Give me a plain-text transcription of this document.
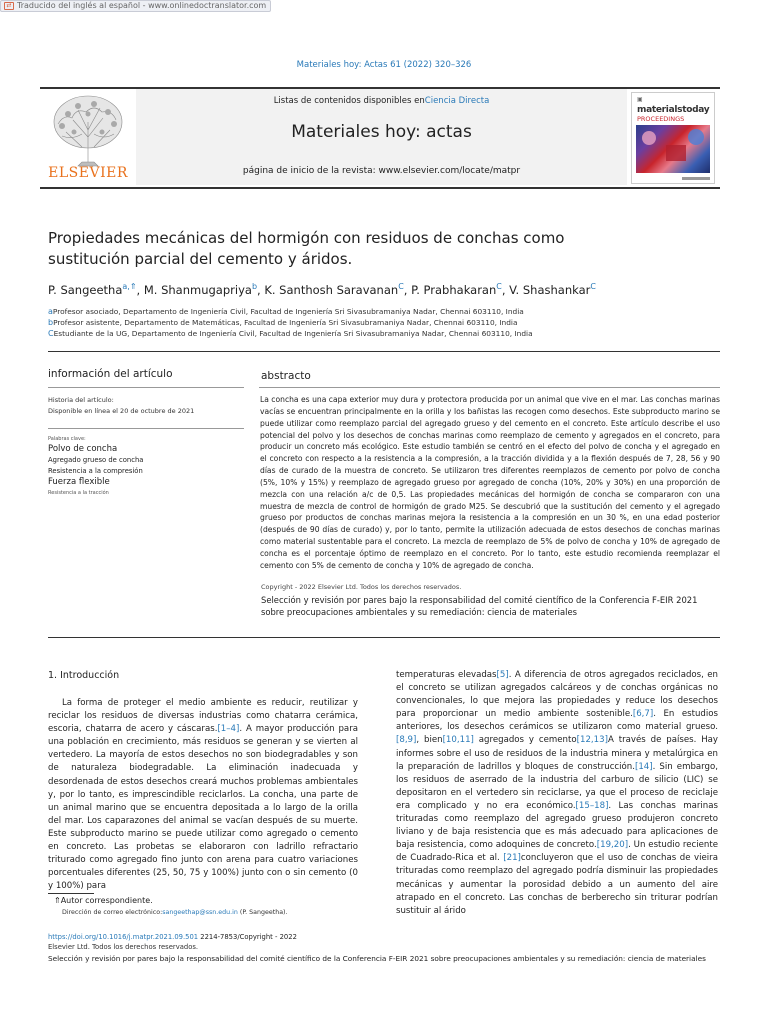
⇄ Traducido del inglés al español - www.onlinedoctranslator.com
Materiales hoy: Actas 61 (2022) 320–326
ELSEVIER
Listas de contenidos disponibles enCiencia Directa
Materiales hoy: actas
página de inicio de la revista: www.elsevier.com/locate/matpr
▣
materialstoday
PROCEEDINGS
Propiedades mecánicas del hormigón con residuos de conchas como sustitución parcial del cemento y áridos.
P. Sangeetha$^{a,⇑}$, M. Shanmugapriya$^b$, K. Santhosh Saravanan$^C$, P. Prabhakaran$^C$, V. Shashankar$^C$
aProfesor asociado, Departamento de Ingeniería Civil, Facultad de Ingeniería Sri Sivasubramaniya Nadar, Chennai 603110, India
bProfesor asistente, Departamento de Matemáticas, Facultad de Ingeniería Sri Sivasubramaniya Nadar, Chennai 603110, India
CEstudiante de la UG, Departamento de Ingeniería Civil, Facultad de Ingeniería Sri Sivasubramaniya Nadar, Chennai 603110, India
información del artículo
Historia del artículo:
Disponible en línea el 20 de octubre de 2021
Palabras clave:
Polvo de concha
Agregado grueso de concha
Resistencia a la compresión
Fuerza flexible
Resistencia a la tracción
abstracto
La concha es una capa exterior muy dura y protectora producida por un animal que vive en el mar. Las conchas marinas vacías se encuentran principalmente en la orilla y los bañistas las recogen como desechos. Este subproducto marino se puede utilizar como reemplazo parcial del agregado grueso y del cemento en el concreto. Este artículo describe el uso potencial del polvo y los desechos de conchas marinas como reemplazo de cemento y agregados en el concreto, para producir un concreto más ecológico. Este estudio también se centró en el efecto del polvo de concha y el agregado en el concreto con respecto a la resistencia a la compresión, a la tracción dividida y a la flexión después de 7, 28, 56 y 90 días de curado de la muestra de concreto. Se utilizaron tres diferentes reemplazos de cemento por polvo de concha (5%, 10% y 15%) y reemplazo de agregado grueso por agregado de concha (10%, 20% y 30%) en una proporción de mezcla con una relación a/c de 0,5. Las propiedades mecánicas del hormigón de concha se compararon con una muestra de mezcla de control de hormigón de grado M25. Se descubrió que la sustitución del cemento y el agregado grueso por productos de conchas marinas mejora la resistencia a la compresión en un 30 %, en una edad posterior (después de 90 días de curado) y, por lo tanto, permite la utilización adecuada de estos desechos de conchas marinas como material sustentable para el concreto. La mezcla de reemplazo de 5% de polvo de concha y 10% de agregado de concha es el porcentaje óptimo de reemplazo en el concreto. Por lo tanto, este estudio recomienda reemplazar el cemento con 5% de cemento de concha y 10% de agregado de concha.
Copyright - 2022 Elsevier Ltd. Todos los derechos reservados.
Selección y revisión por pares bajo la responsabilidad del comité científico de la Conferencia F-EIR 2021 sobre preocupaciones ambientales y su remediación: ciencia de materiales
1. Introducción
La forma de proteger el medio ambiente es reducir, reutilizar y reciclar los residuos de diversas industrias como chatarra cerámica, escoria, chatarra de acero y cáscaras.[1–4]. A mayor producción para una población en crecimiento, más residuos se generan y se vierten al vertedero. La mayoría de estos desechos no son biodegradables y son de naturaleza biodegradable. La eliminación inadecuada y desordenada de estos desechos creará muchos problemas ambientales y, por lo tanto, es imprescindible reciclarlos. La concha, una parte de un animal marino que se encuentra depositada a lo largo de la orilla del mar. Los caparazones del animal se vacían después de su muerte. Este subproducto marino se puede utilizar como agregado o cemento en concreto. Las probetas se elaboraron con ladrillo refractario triturado como agregado fino junto con arena para cuatro variaciones porcentuales diferentes (25, 50, 75 y 100%) junto con o sin cemento (0 y 100%) para
temperaturas elevadas[5]. A diferencia de otros agregados reciclados, en el concreto se utilizan agregados calcáreos y de conchas orgánicas no convencionales, lo que mejora las propiedades y reduce los desechos para proporcionar un medio ambiente sostenible.[6,7]. En estudios anteriores, los desechos cerámicos se utilizaron como material grueso.[8,9], bien[10,11] agregados y cemento[12,13]A través de países. Hay informes sobre el uso de residuos de la industria minera y metalúrgica en la preparación de ladrillos y bloques de construcción.[14]. Sin embargo, los residuos de aserrado de la industria del carburo de silicio (LIC) se depositaron en el vertedero sin reciclarse, ya que el proceso de reciclaje era complicado y no era económico.[15–18]. Las conchas marinas trituradas como reemplazo del agregado grueso produjeron concreto liviano y de baja resistencia que es más adecuado para aplicaciones de baja resistencia, como adoquines de concreto.[19,20]. Un estudio reciente de Cuadrado-Rica et al. [21]concluyeron que el uso de conchas de vieira trituradas como reemplazo del agregado podría disminuir las propiedades mecánicas y aumentar la porosidad debido a un aumento del aire atrapado en el concreto. Las conchas de berberecho sin triturar podrían sustituir al árido
⇑Autor correspondiente.
Dirección de correo electrónico:sangeethap@ssn.edu.in (P. Sangeetha).
https://doi.org/10.1016/j.matpr.2021.09.501 2214-7853/Copyright - 2022
Elsevier Ltd. Todos los derechos reservados.
Selección y revisión por pares bajo la responsabilidad del comité científico de la Conferencia F-EIR 2021 sobre preocupaciones ambientales y su remediación: ciencia de materiales
